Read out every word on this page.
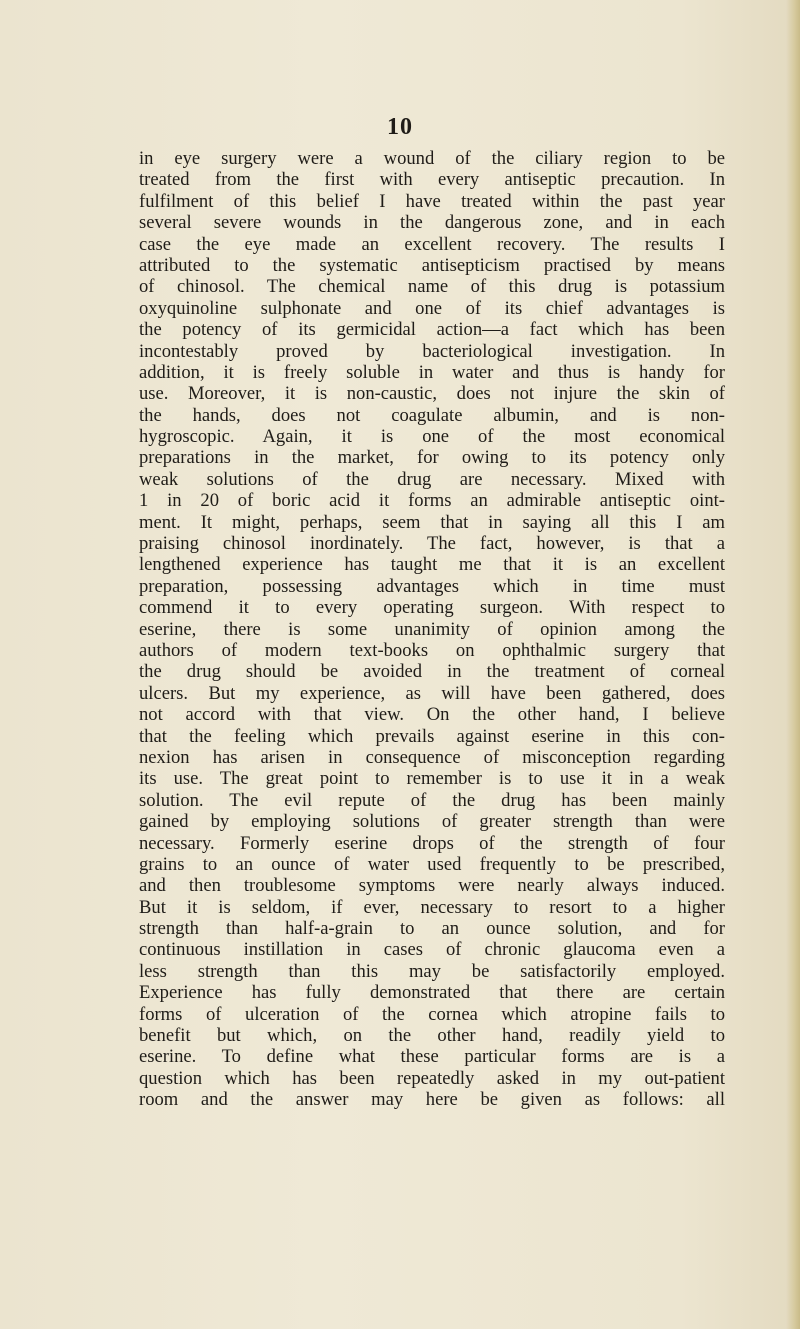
10
in eye surgery were a wound of the ciliary region to be
treated from the first with every antiseptic precaution. In
fulfilment of this belief I have treated within the past year
several severe wounds in the dangerous zone, and in each
case the eye made an excellent recovery. The results I
attributed to the systematic antisepticism practised by means
of chinosol. The chemical name of this drug is potassium
oxyquinoline sulphonate and one of its chief advantages is
the potency of its germicidal action—a fact which has been
incontestably proved by bacteriological investigation. In
addition, it is freely soluble in water and thus is handy for
use. Moreover, it is non-caustic, does not injure the skin of
the hands, does not coagulate albumin, and is non-
hygroscopic. Again, it is one of the most economical
preparations in the market, for owing to its potency only
weak solutions of the drug are necessary. Mixed with
1 in 20 of boric acid it forms an admirable antiseptic oint-
ment. It might, perhaps, seem that in saying all this I am
praising chinosol inordinately. The fact, however, is that a
lengthened experience has taught me that it is an excellent
preparation, possessing advantages which in time must
commend it to every operating surgeon. With respect to
eserine, there is some unanimity of opinion among the
authors of modern text-books on ophthalmic surgery that
the drug should be avoided in the treatment of corneal
ulcers. But my experience, as will have been gathered, does
not accord with that view. On the other hand, I believe
that the feeling which prevails against eserine in this con-
nexion has arisen in consequence of misconception regarding
its use. The great point to remember is to use it in a weak
solution. The evil repute of the drug has been mainly
gained by employing solutions of greater strength than were
necessary. Formerly eserine drops of the strength of four
grains to an ounce of water used frequently to be prescribed,
and then troublesome symptoms were nearly always induced.
But it is seldom, if ever, necessary to resort to a higher
strength than half-a-grain to an ounce solution, and for
continuous instillation in cases of chronic glaucoma even a
less strength than this may be satisfactorily employed.
Experience has fully demonstrated that there are certain
forms of ulceration of the cornea which atropine fails to
benefit but which, on the other hand, readily yield to
eserine. To define what these particular forms are is a
question which has been repeatedly asked in my out-patient
room and the answer may here be given as follows: all
